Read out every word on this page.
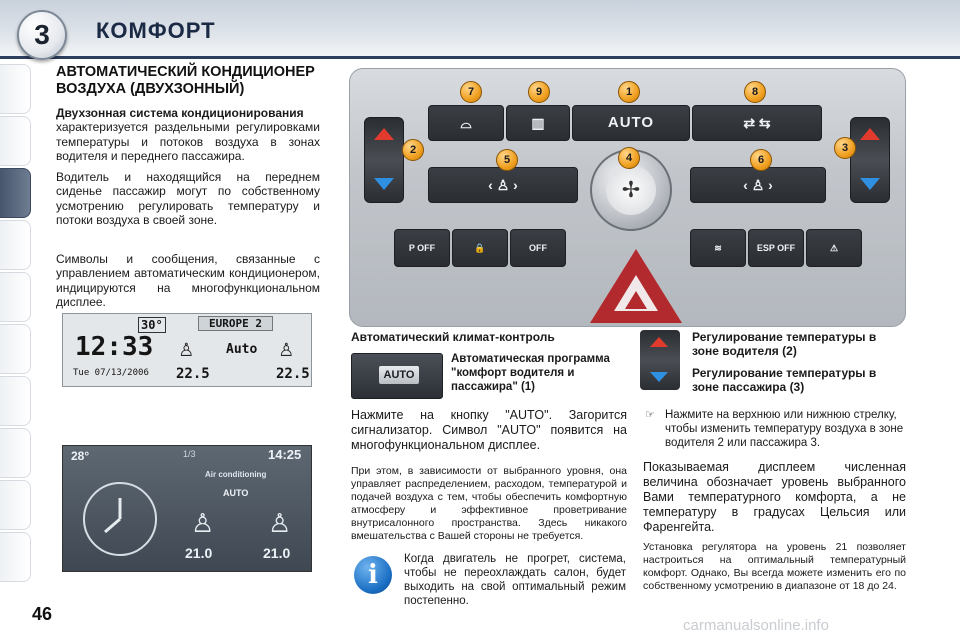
3	КОМФОРТ
АВТОМАТИЧЕСКИЙ КОНДИЦИОНЕР ВОЗДУХА (ДВУХЗОННЫЙ)

Двухзонная система кондиционирования

характеризуется раздельными регулировками температуры и потоков воздуха в зонах водителя и переднего пассажира.

Водитель и находящийся на переднем сиденье пассажир могут по собственному усмотрению регулировать температуру и потоки воздуха в своей зоне.

Символы и сообщения, связанные с управлением автоматическим кондиционером, индицируются на многофункциональном дисплее.

12:33
30°	EUROPE 2
Tue 07/13/2006
♙	Auto ♙
22.5	22.5
28°	1/3	14:25
Air conditioning
AUTO
♙ ♙
21.0	21.0
⌓	▥	AUTO	⇄ ⇆
‹ ♙ ›	‹ ♙ ›
✢
P OFF	🔒	OFF	≋	ESP OFF	⚠
7	9	1	8
2
5	4	6
3
Автоматический климат-контроль
AUTO
Автоматическая программа "комфорт водителя и пассажира" (1)

Нажмите на кнопку "AUTO". Загорится сигнализатор. Символ "AUTO" появится на многофункциональном дисплее.

При этом, в зависимости от выбранного уровня, она управляет распределением, расходом, температурой и подачей воздуха с тем, чтобы обеспечить комфортную атмосферу и эффективное проветривание внутрисалонного пространства. Здесь никакого вмешательства с Вашей стороны не требуется.

i
Когда двигатель не прогрет, система, чтобы не переохлаждать салон, будет выходить на свой оптимальный режим постепенно.
Регулирование температуры в зоне водителя (2)
Регулирование температуры в зоне пассажира (3)
☞ Нажмите на верхнюю или нижнюю стрелку, чтобы изменить температуру воздуха в зоне водителя 2 или пассажира 3.

Показываемая дисплеем численная величина обозначает уровень выбранного Вами температурного комфорта, а не температуру в градусах Цельсия или Фаренгейта.

Установка регулятора на уровень 21 позволяет настроиться на оптимальный температурный комфорт. Однако, Вы всегда можете изменить его по собственному усмотрению в диапазоне от 18 до 24.

46
carmanualsonline.info
